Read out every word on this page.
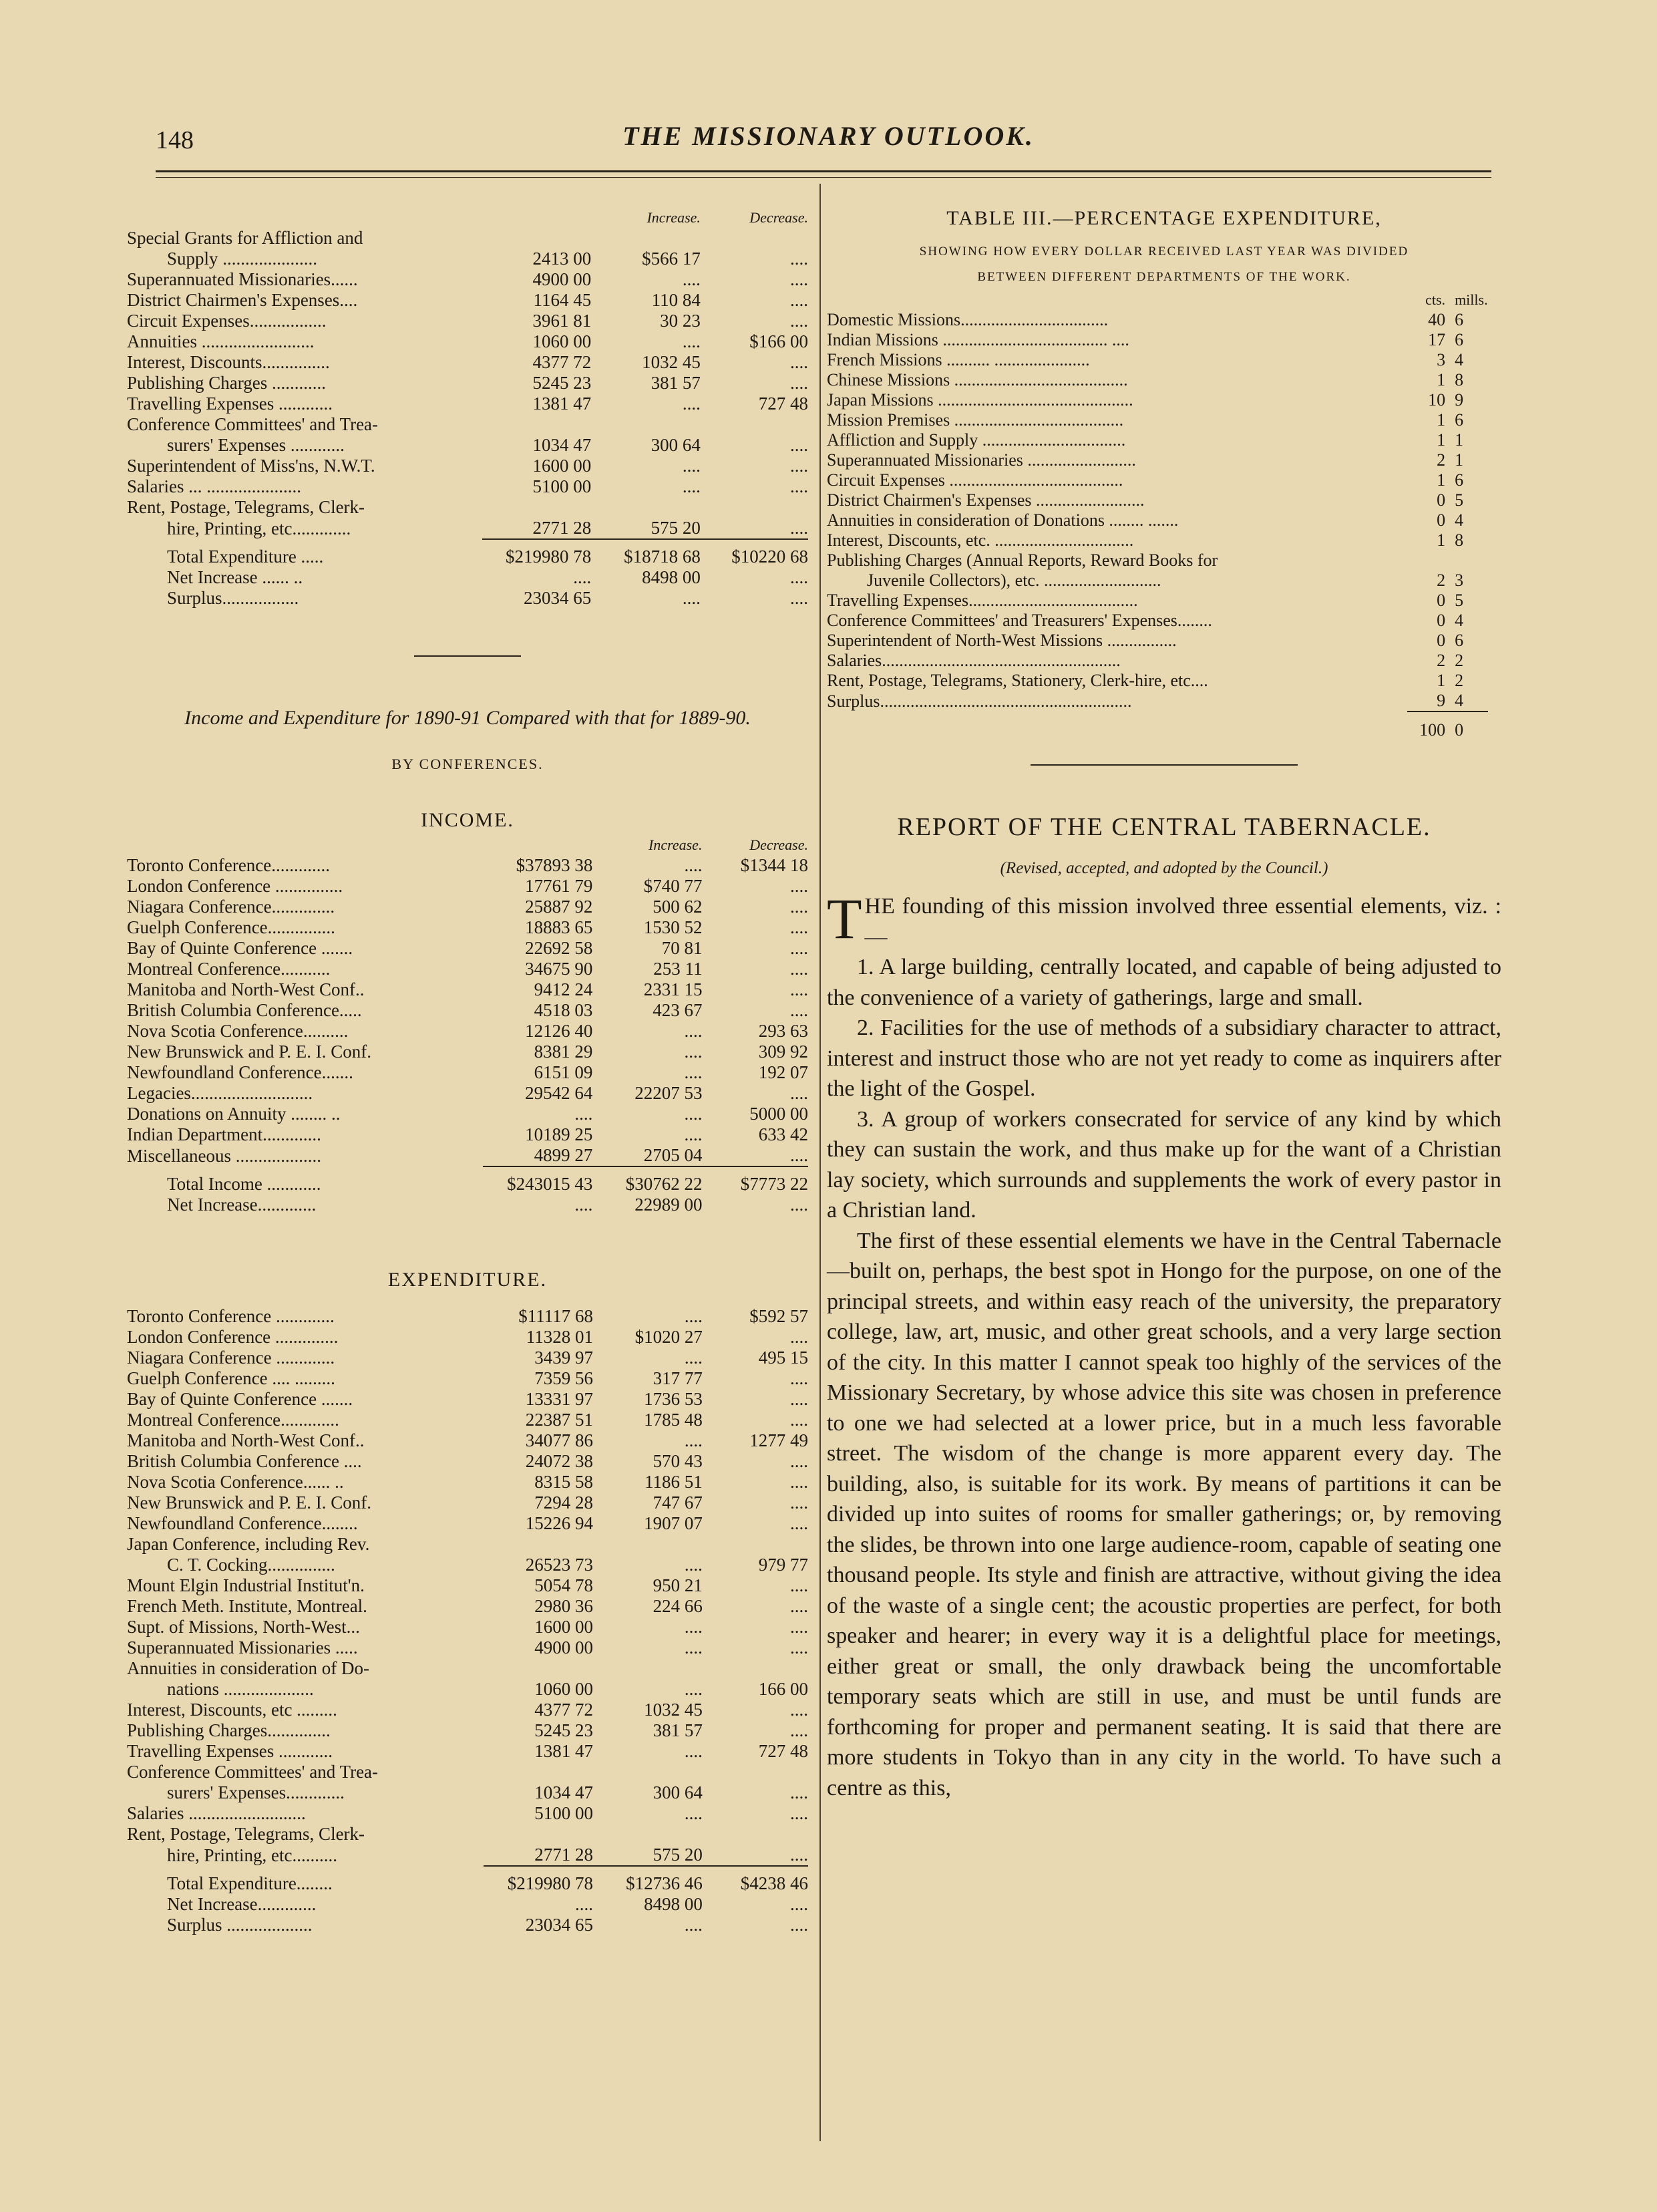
148	THE MISSIONARY OUTLOOK.
		Increase.	Decrease.
Special Grants for Affliction and			
Supply .....................	2413 00	$566 17	....
Superannuated Missionaries......	4900 00	....	....
District Chairmen's Expenses....	1164 45	110 84	....
Circuit Expenses.................	3961 81	30 23	....
Annuities .........................	1060 00	....	$166 00
Interest, Discounts...............	4377 72	1032 45	....
Publishing Charges ............	5245 23	381 57	....
Travelling Expenses ............	1381 47	....	727 48
Conference Committees' and Trea-			
surers' Expenses ............	1034 47	300 64	....
Superintendent of Miss'ns, N.W.T.	1600 00	....	....
Salaries ... .....................	5100 00	....	....
Rent, Postage, Telegrams, Clerk-			
hire, Printing, etc.............	2771 28	575 20	....
Total Expenditure .....	$219980 78	$18718 68	$10220 68
Net Increase ...... ..	....	8498 00	....
Surplus.................	23034 65	....	....
Income and Expenditure for 1890-91 Compared with that for 1889-90.
BY CONFERENCES.
INCOME.
		Increase.	Decrease.
Toronto Conference.............	$37893 38	....	$1344 18
London Conference ...............	17761 79	$740 77	....
Niagara Conference..............	25887 92	500 62	....
Guelph Conference...............	18883 65	1530 52	....
Bay of Quinte Conference .......	22692 58	70 81	....
Montreal Conference...........	34675 90	253 11	....
Manitoba and North-West Conf..	9412 24	2331 15	....
British Columbia Conference.....	4518 03	423 67	....
Nova Scotia Conference..........	12126 40	....	293 63
New Brunswick and P. E. I. Conf.	8381 29	....	309 92
Newfoundland Conference.......	6151 09	....	192 07
Legacies...........................	29542 64	22207 53	....
Donations on Annuity ........ ..	....	....	5000 00
Indian Department.............	10189 25	....	633 42
Miscellaneous ...................	4899 27	2705 04	....
Total Income ............	$243015 43	$30762 22	$7773 22
Net Increase.............	....	22989 00	....
EXPENDITURE.
Toronto Conference .............	$11117 68	....	$592 57
London Conference ..............	11328 01	$1020 27	....
Niagara Conference .............	3439 97	....	495 15
Guelph Conference .... .........	7359 56	317 77	....
Bay of Quinte Conference .......	13331 97	1736 53	....
Montreal Conference.............	22387 51	1785 48	....
Manitoba and North-West Conf..	34077 86	....	1277 49
British Columbia Conference ....	24072 38	570 43	....
Nova Scotia Conference...... ..	8315 58	1186 51	....
New Brunswick and P. E. I. Conf.	7294 28	747 67	....
Newfoundland Conference........	15226 94	1907 07	....
Japan Conference, including Rev.			
C. T. Cocking...............	26523 73	....	979 77
Mount Elgin Industrial Institut'n.	5054 78	950 21	....
French Meth. Institute, Montreal.	2980 36	224 66	....
Supt. of Missions, North-West...	1600 00	....	....
Superannuated Missionaries .....	4900 00	....	....
Annuities in consideration of Do-			
nations ....................	1060 00	....	166 00
Interest, Discounts, etc .........	4377 72	1032 45	....
Publishing Charges..............	5245 23	381 57	....
Travelling Expenses ............	1381 47	....	727 48
Conference Committees' and Trea-			
surers' Expenses.............	1034 47	300 64	....
Salaries ..........................	5100 00	....	....
Rent, Postage, Telegrams, Clerk-			
hire, Printing, etc..........	2771 28	575 20	....
Total Expenditure........	$219980 78	$12736 46	$4238 46
Net Increase.............	....	8498 00	....
Surplus ...................	23034 65	....	....
TABLE III.—PERCENTAGE EXPENDITURE,
SHOWING HOW EVERY DOLLAR RECEIVED LAST YEAR WAS DIVIDED
BETWEEN DIFFERENT DEPARTMENTS OF THE WORK.
	cts.	mills.
Domestic Missions..................................	40	6
Indian Missions ...................................... ....	17	6
French Missions .......... ......................	3	4
Chinese Missions ........................................	1	8
Japan Missions .............................................	10	9
Mission Premises .......................................	1	6
Affliction and Supply .................................	1	1
Superannuated Missionaries .........................	2	1
Circuit Expenses ........................................	1	6
District Chairmen's Expenses .........................	0	5
Annuities in consideration of Donations ........ .......	0	4
Interest, Discounts, etc. ................................	1	8
Publishing Charges (Annual Reports, Reward Books for		
Juvenile Collectors), etc. ...........................	2	3
Travelling Expenses.......................................	0	5
Conference Committees' and Treasurers' Expenses........	0	4
Superintendent of North-West Missions ................	0	6
Salaries.......................................................	2	2
Rent, Postage, Telegrams, Stationery, Clerk-hire, etc....	1	2
Surplus..........................................................	9	4
	100	0
REPORT OF THE CENTRAL TABERNACLE.
(Revised, accepted, and adopted by the Council.)

THE founding of this mission involved three essential elements, viz. :—

1. A large building, centrally located, and capable of being adjusted to the convenience of a variety of gatherings, large and small.

2. Facilities for the use of methods of a subsidiary character to attract, interest and instruct those who are not yet ready to come as inquirers after the light of the Gospel.

3. A group of workers consecrated for service of any kind by which they can sustain the work, and thus make up for the want of a Christian lay society, which surrounds and supplements the work of every pastor in a Christian land.

The first of these essential elements we have in the Central Tabernacle—built on, perhaps, the best spot in Hongo for the purpose, on one of the principal streets, and within easy reach of the university, the preparatory college, law, art, music, and other great schools, and a very large section of the city. In this matter I cannot speak too highly of the services of the Missionary Secretary, by whose advice this site was chosen in preference to one we had selected at a lower price, but in a much less favorable street. The wisdom of the change is more apparent every day. The building, also, is suitable for its work. By means of partitions it can be divided up into suites of rooms for smaller gatherings; or, by removing the slides, be thrown into one large audience-room, capable of seating one thousand people. Its style and finish are attractive, without giving the idea of the waste of a single cent; the acoustic properties are perfect, for both speaker and hearer; in every way it is a delightful place for meetings, either great or small, the only drawback being the uncomfortable temporary seats which are still in use, and must be until funds are forthcoming for proper and permanent seating. It is said that there are more students in Tokyo than in any city in the world. To have such a centre as this,
